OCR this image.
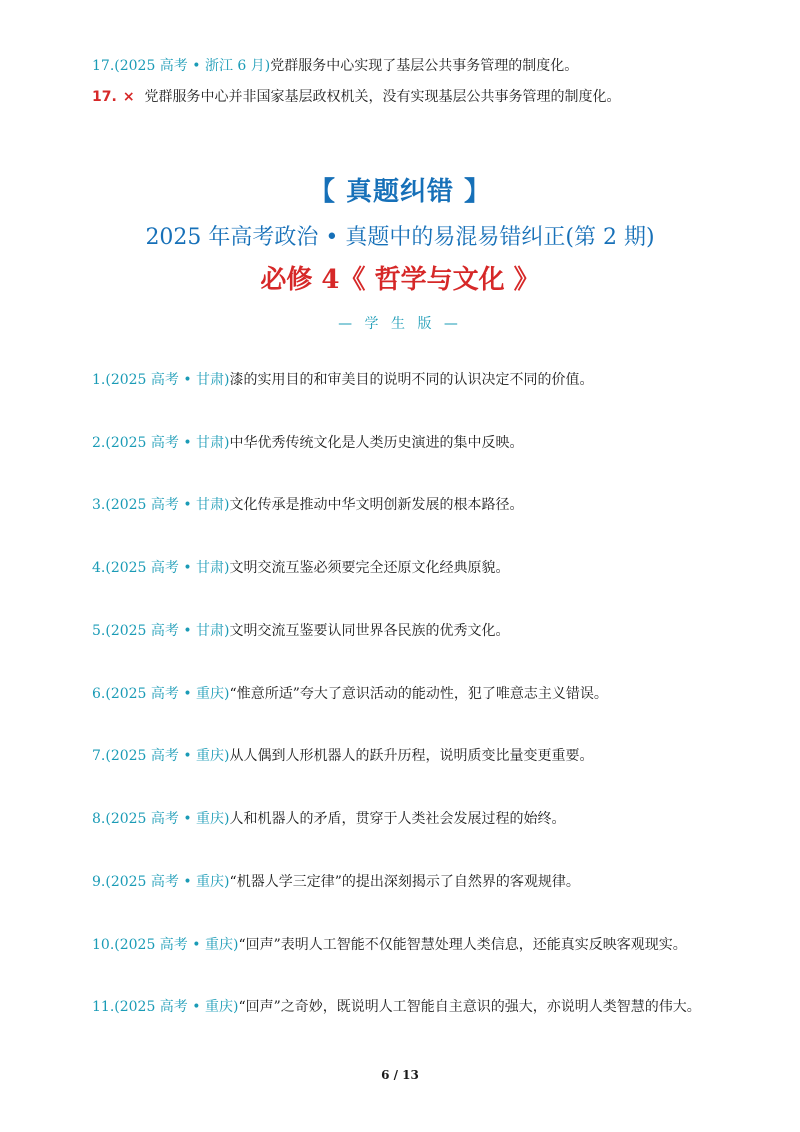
17.(2025 高考 • 浙江 6 月)党群服务中心实现了基层公共事务管理的制度化。
17. × 党群服务中心并非国家基层政权机关，没有实现基层公共事务管理的制度化。
【 真题纠错 】
2025 年高考政治 • 真题中的易混易错纠正(第 2 期)
必修 4《 哲学与文化 》
— 学 生 版 —
1.(2025 高考 • 甘肃)漆的实用目的和审美目的说明不同的认识决定不同的价值。
2.(2025 高考 • 甘肃)中华优秀传统文化是人类历史演进的集中反映。
3.(2025 高考 • 甘肃)文化传承是推动中华文明创新发展的根本路径。
4.(2025 高考 • 甘肃)文明交流互鉴必须要完全还原文化经典原貌。
5.(2025 高考 • 甘肃)文明交流互鉴要认同世界各民族的优秀文化。
6.(2025 高考 • 重庆)“惟意所适”夸大了意识活动的能动性，犯了唯意志主义错误。
7.(2025 高考 • 重庆)从人偶到人形机器人的跃升历程，说明质变比量变更重要。
8.(2025 高考 • 重庆)人和机器人的矛盾，贯穿于人类社会发展过程的始终。
9.(2025 高考 • 重庆)“机器人学三定律”的提出深刻揭示了自然界的客观规律。
10.(2025 高考 • 重庆)“回声”表明人工智能不仅能智慧处理人类信息，还能真实反映客观现实。
11.(2025 高考 • 重庆)“回声”之奇妙，既说明人工智能自主意识的强大，亦说明人类智慧的伟大。
6 / 13
